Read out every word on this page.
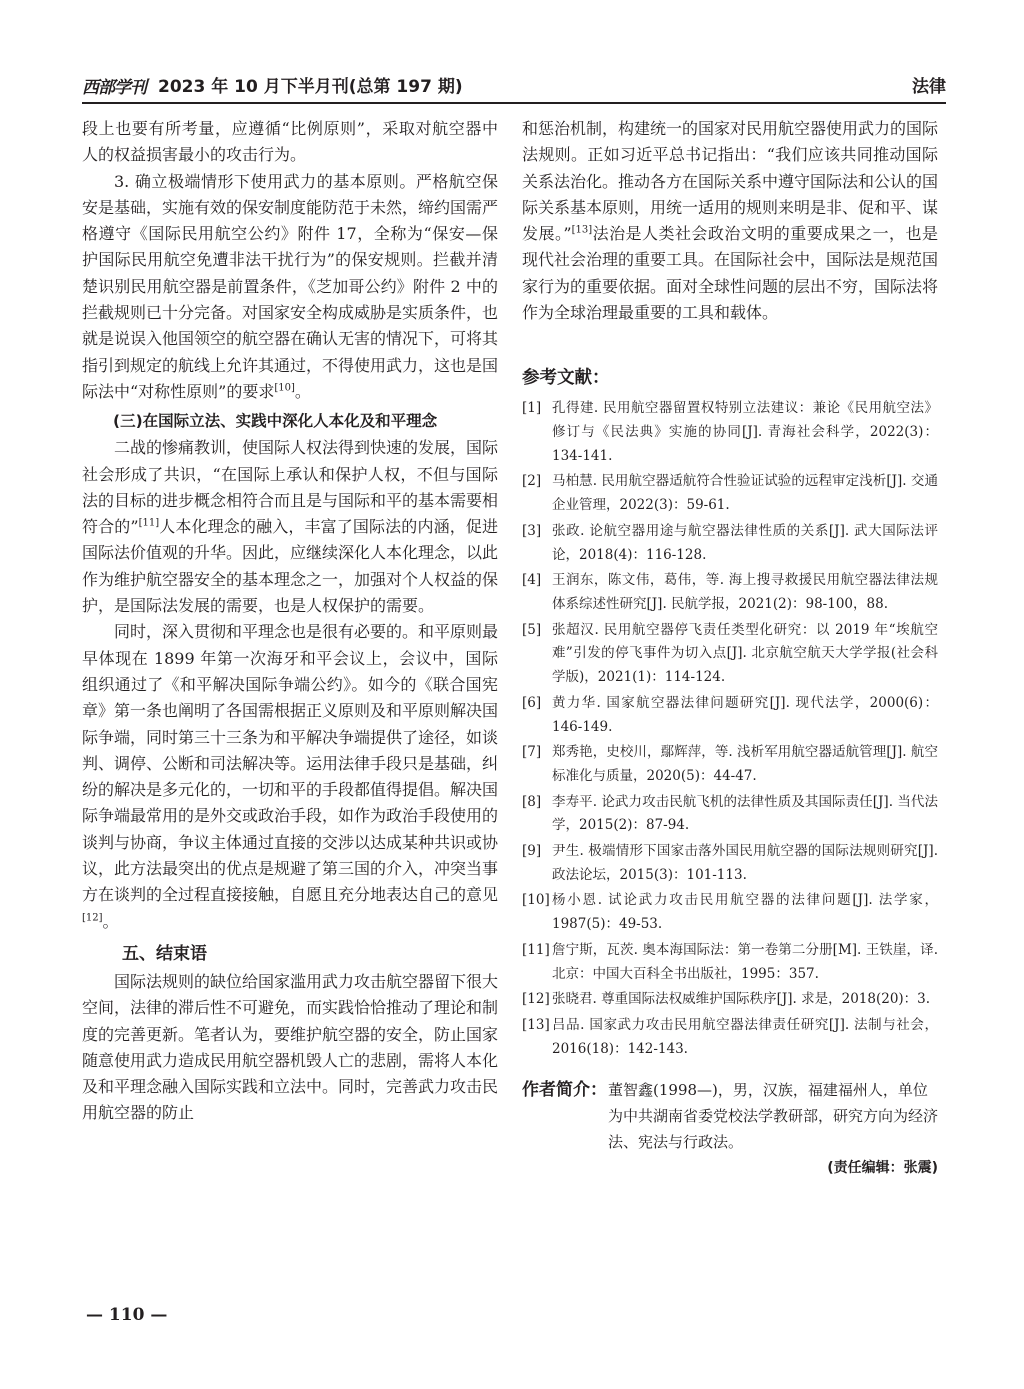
西部学刊 2023 年 10 月下半月刊(总第 197 期)	法律

段上也要有所考量，应遵循“比例原则”，采取对航空器中人的权益损害最小的攻击行为。

3. 确立极端情形下使用武力的基本原则。严格航空保安是基础，实施有效的保安制度能防范于未然，缔约国需严格遵守《国际民用航空公约》附件 17，全称为“保安—保护国际民用航空免遭非法干扰行为”的保安规则。拦截并清楚识别民用航空器是前置条件，《芝加哥公约》附件 2 中的拦截规则已十分完备。对国家安全构成威胁是实质条件，也就是说误入他国领空的航空器在确认无害的情况下，可将其指引到规定的航线上允许其通过，不得使用武力，这也是国际法中“对称性原则”的要求[10]。

(三)在国际立法、实践中深化人本化及和平理念

二战的惨痛教训，使国际人权法得到快速的发展，国际社会形成了共识，“在国际上承认和保护人权，不但与国际法的目标的进步概念相符合而且是与国际和平的基本需要相符合的”[11]人本化理念的融入，丰富了国际法的内涵，促进国际法价值观的升华。因此，应继续深化人本化理念，以此作为维护航空器安全的基本理念之一，加强对个人权益的保护，是国际法发展的需要，也是人权保护的需要。

同时，深入贯彻和平理念也是很有必要的。和平原则最早体现在 1899 年第一次海牙和平会议上，会议中，国际组织通过了《和平解决国际争端公约》。如今的《联合国宪章》第一条也阐明了各国需根据正义原则及和平原则解决国际争端，同时第三十三条为和平解决争端提供了途径，如谈判、调停、公断和司法解决等。运用法律手段只是基础，纠纷的解决是多元化的，一切和平的手段都值得提倡。解决国际争端最常用的是外交或政治手段，如作为政治手段使用的谈判与协商，争议主体通过直接的交涉以达成某种共识或协议，此方法最突出的优点是规避了第三国的介入，冲突当事方在谈判的全过程直接接触，自愿且充分地表达自己的意见[12]。

五、结束语

国际法规则的缺位给国家滥用武力攻击航空器留下很大空间，法律的滞后性不可避免，而实践恰恰推动了理论和制度的完善更新。笔者认为，要维护航空器的安全，防止国家随意使用武力造成民用航空器机毁人亡的悲剧，需将人本化及和平理念融入国际实践和立法中。同时，完善武力攻击民用航空器的防止

和惩治机制，构建统一的国家对民用航空器使用武力的国际法规则。正如习近平总书记指出：“我们应该共同推动国际关系法治化。推动各方在国际关系中遵守国际法和公认的国际关系基本原则，用统一适用的规则来明是非、促和平、谋发展。”[13]法治是人类社会政治文明的重要成果之一，也是现代社会治理的重要工具。在国际社会中，国际法是规范国家行为的重要依据。面对全球性问题的层出不穷，国际法将作为全球治理最重要的工具和载体。

参考文献：
[1] 孔得建. 民用航空器留置权特别立法建议：兼论《民用航空法》修订与《民法典》实施的协同[J]. 青海社会科学，2022(3)：134-141.
[2] 马柏慧. 民用航空器适航符合性验证试验的远程审定浅析[J]. 交通企业管理，2022(3)：59-61.
[3] 张政. 论航空器用途与航空器法律性质的关系[J]. 武大国际法评论，2018(4)：116-128.
[4] 王润东，陈文伟，葛伟，等. 海上搜寻救援民用航空器法律法规体系综述性研究[J]. 民航学报，2021(2)：98-100，88.
[5] 张超汉. 民用航空器停飞责任类型化研究：以 2019 年“埃航空难”引发的停飞事件为切入点[J]. 北京航空航天大学学报(社会科学版)，2021(1)：114-124.
[6] 黄力华. 国家航空器法律问题研究[J]. 现代法学，2000(6)：146-149.
[7] 郑秀艳，史校川，鄢辉萍，等. 浅析军用航空器适航管理[J]. 航空标准化与质量，2020(5)：44-47.
[8] 李寿平. 论武力攻击民航飞机的法律性质及其国际责任[J]. 当代法学，2015(2)：87-94.
[9] 尹生. 极端情形下国家击落外国民用航空器的国际法规则研究[J]. 政法论坛，2015(3)：101-113.
[10] 杨小恩. 试论武力攻击民用航空器的法律问题[J]. 法学家，1987(5)：49-53.
[11] 詹宁斯，瓦茨. 奥本海国际法：第一卷第二分册[M]. 王铁崖，译. 北京：中国大百科全书出版社，1995：357.
[12] 张晓君. 尊重国际法权威维护国际秩序[J]. 求是，2018(20)：3.
[13] 吕品. 国家武力攻击民用航空器法律责任研究[J]. 法制与社会，2016(18)：142-143.
作者简介： 董智鑫(1998—)，男，汉族，福建福州人，单位为中共湖南省委党校法学教研部，研究方向为经济法、宪法与行政法。
(责任编辑：张震)
— 110 —
